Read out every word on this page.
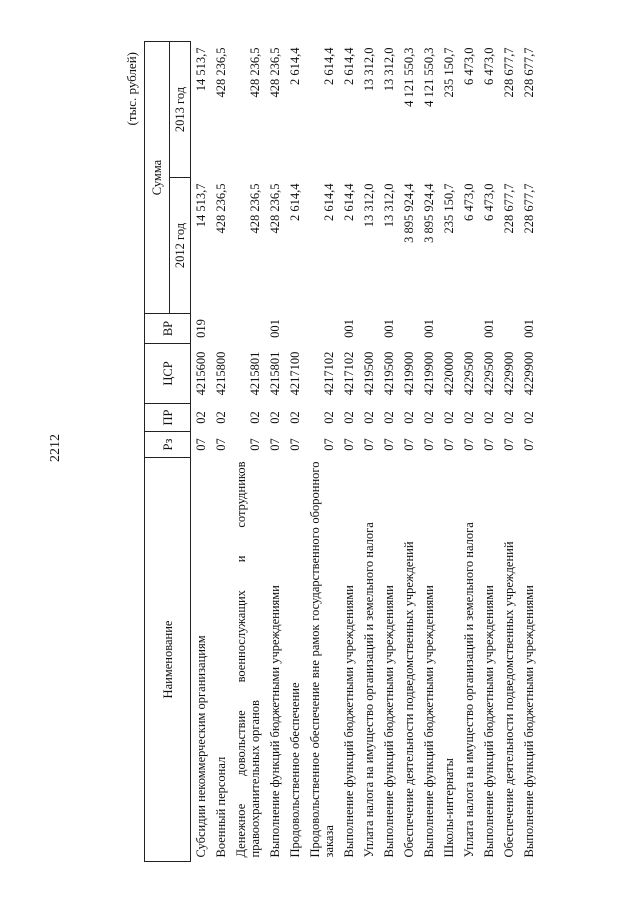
2212
(тыс. рублей)
Наименование	Рз	ПР	ЦСР	ВР	Сумма	
					2012 год	2013 год
Субсидии некоммерческим организациям	07	02	4215600	019	14 513,7	14 513,7
Военный персонал	07	02	4215800		428 236,5	428 236,5
Денежное довольствие военнослужащих и сотрудников правоохранительных органов	07	02	4215801		428 236,5	428 236,5
Выполнение функций бюджетными учреждениями	07	02	4215801	001	428 236,5	428 236,5
Продовольственное обеспечение	07	02	4217100		2 614,4	2 614,4
Продовольственное обеспечение вне рамок государственного оборонного заказа	07	02	4217102		2 614,4	2 614,4
Выполнение функций бюджетными учреждениями	07	02	4217102	001	2 614,4	2 614,4
Уплата налога на имущество организаций и земельного налога	07	02	4219500		13 312,0	13 312,0
Выполнение функций бюджетными учреждениями	07	02	4219500	001	13 312,0	13 312,0
Обеспечение деятельности подведомственных учреждений	07	02	4219900		3 895 924,4	4 121 550,3
Выполнение функций бюджетными учреждениями	07	02	4219900	001	3 895 924,4	4 121 550,3
Школы-интернаты	07	02	4220000		235 150,7	235 150,7
Уплата налога на имущество организаций и земельного налога	07	02	4229500		6 473,0	6 473,0
Выполнение функций бюджетными учреждениями	07	02	4229500	001	6 473,0	6 473,0
Обеспечение деятельности подведомственных учреждений	07	02	4229900		228 677,7	228 677,7
Выполнение функций бюджетными учреждениями	07	02	4229900	001	228 677,7	228 677,7
